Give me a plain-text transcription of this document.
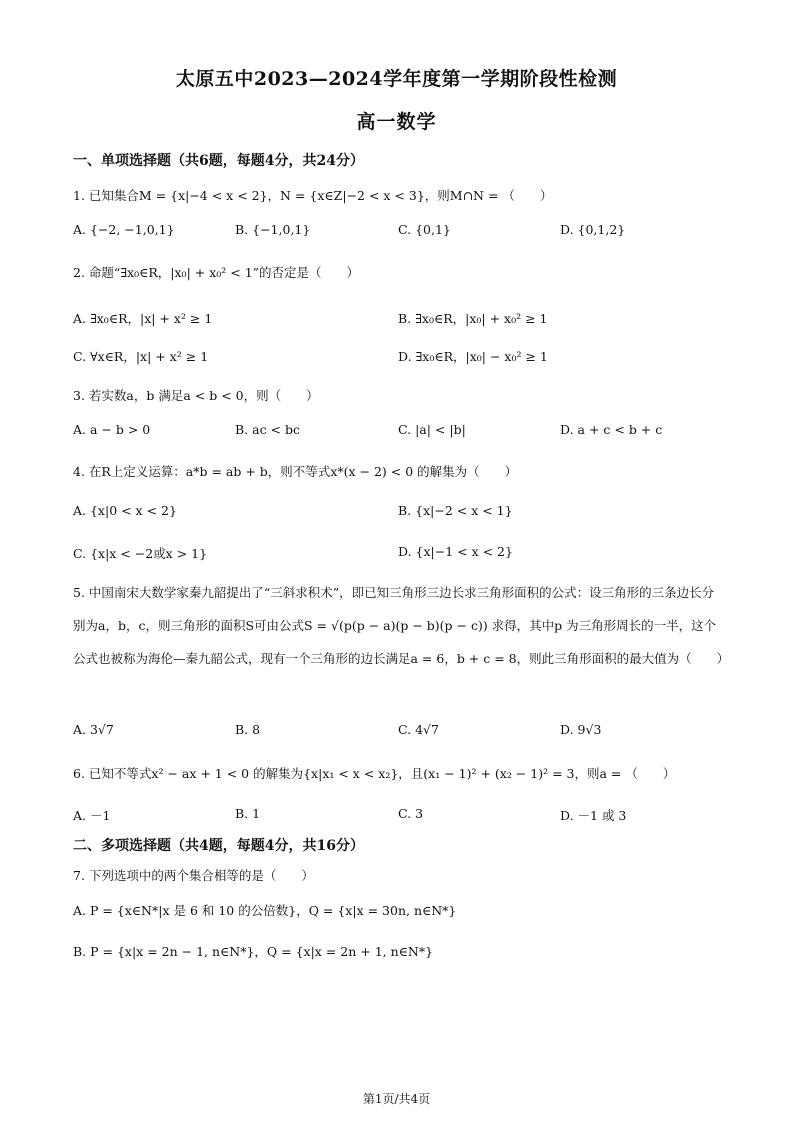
太原五中2023—2024学年度第一学期阶段性检测
高一数学
一、单项选择题（共6题，每题4分，共24分）
1. 已知集合M = {x|−4 < x < 2}，N = {x∈Z|−2 < x < 3}，则M∩N = （　　）
A. {−2, −1,0,1}	B. {−1,0,1}	C. {0,1}	D. {0,1,2}
2. 命题“∃x₀∈R，|x₀| + x₀² < 1”的否定是（　　）
A. ∃x₀∈R，|x| + x² ≥ 1	B. ∃x₀∈R，|x₀| + x₀² ≥ 1
C. ∀x∈R，|x| + x² ≥ 1	D. ∃x₀∈R，|x₀| − x₀² ≥ 1
3. 若实数a，b 满足a < b < 0，则（　　）
A. a − b > 0	B. ac < bc	C. |a| < |b|	D. a + c < b + c
4. 在R上定义运算：a*b = ab + b，则不等式x*(x − 2) < 0 的解集为（　　）
A. {x|0 < x < 2}	B. {x|−2 < x < 1}
C. {x|x < −2或x > 1}	D. {x|−1 < x < 2}
5. 中国南宋大数学家秦九韶提出了“三斜求积术”，即已知三角形三边长求三角形面积的公式：设三角形的三条边长分别为a，b，c，则三角形的面积S可由公式S = √(p(p − a)(p − b)(p − c)) 求得，其中p 为三角形周长的一半，这个公式也被称为海伦—秦九韶公式，现有一个三角形的边长满足a = 6，b + c = 8，则此三角形面积的最大值为（　　）
A. 3√7	B. 8	C. 4√7	D. 9√3
6. 已知不等式x² − ax + 1 < 0 的解集为{x|x₁ < x < x₂}，且(x₁ − 1)² + (x₂ − 1)² = 3，则a = （　　）
A. －1	B. 1	C. 3	D. －1 或 3
二、多项选择题（共4题，每题4分，共16分）
7. 下列选项中的两个集合相等的是（　　）
A. P = {x∈N*|x 是 6 和 10 的公倍数}，Q = {x|x = 30n, n∈N*}
B. P = {x|x = 2n − 1, n∈N*}，Q = {x|x = 2n + 1, n∈N*}
第1页/共4页
